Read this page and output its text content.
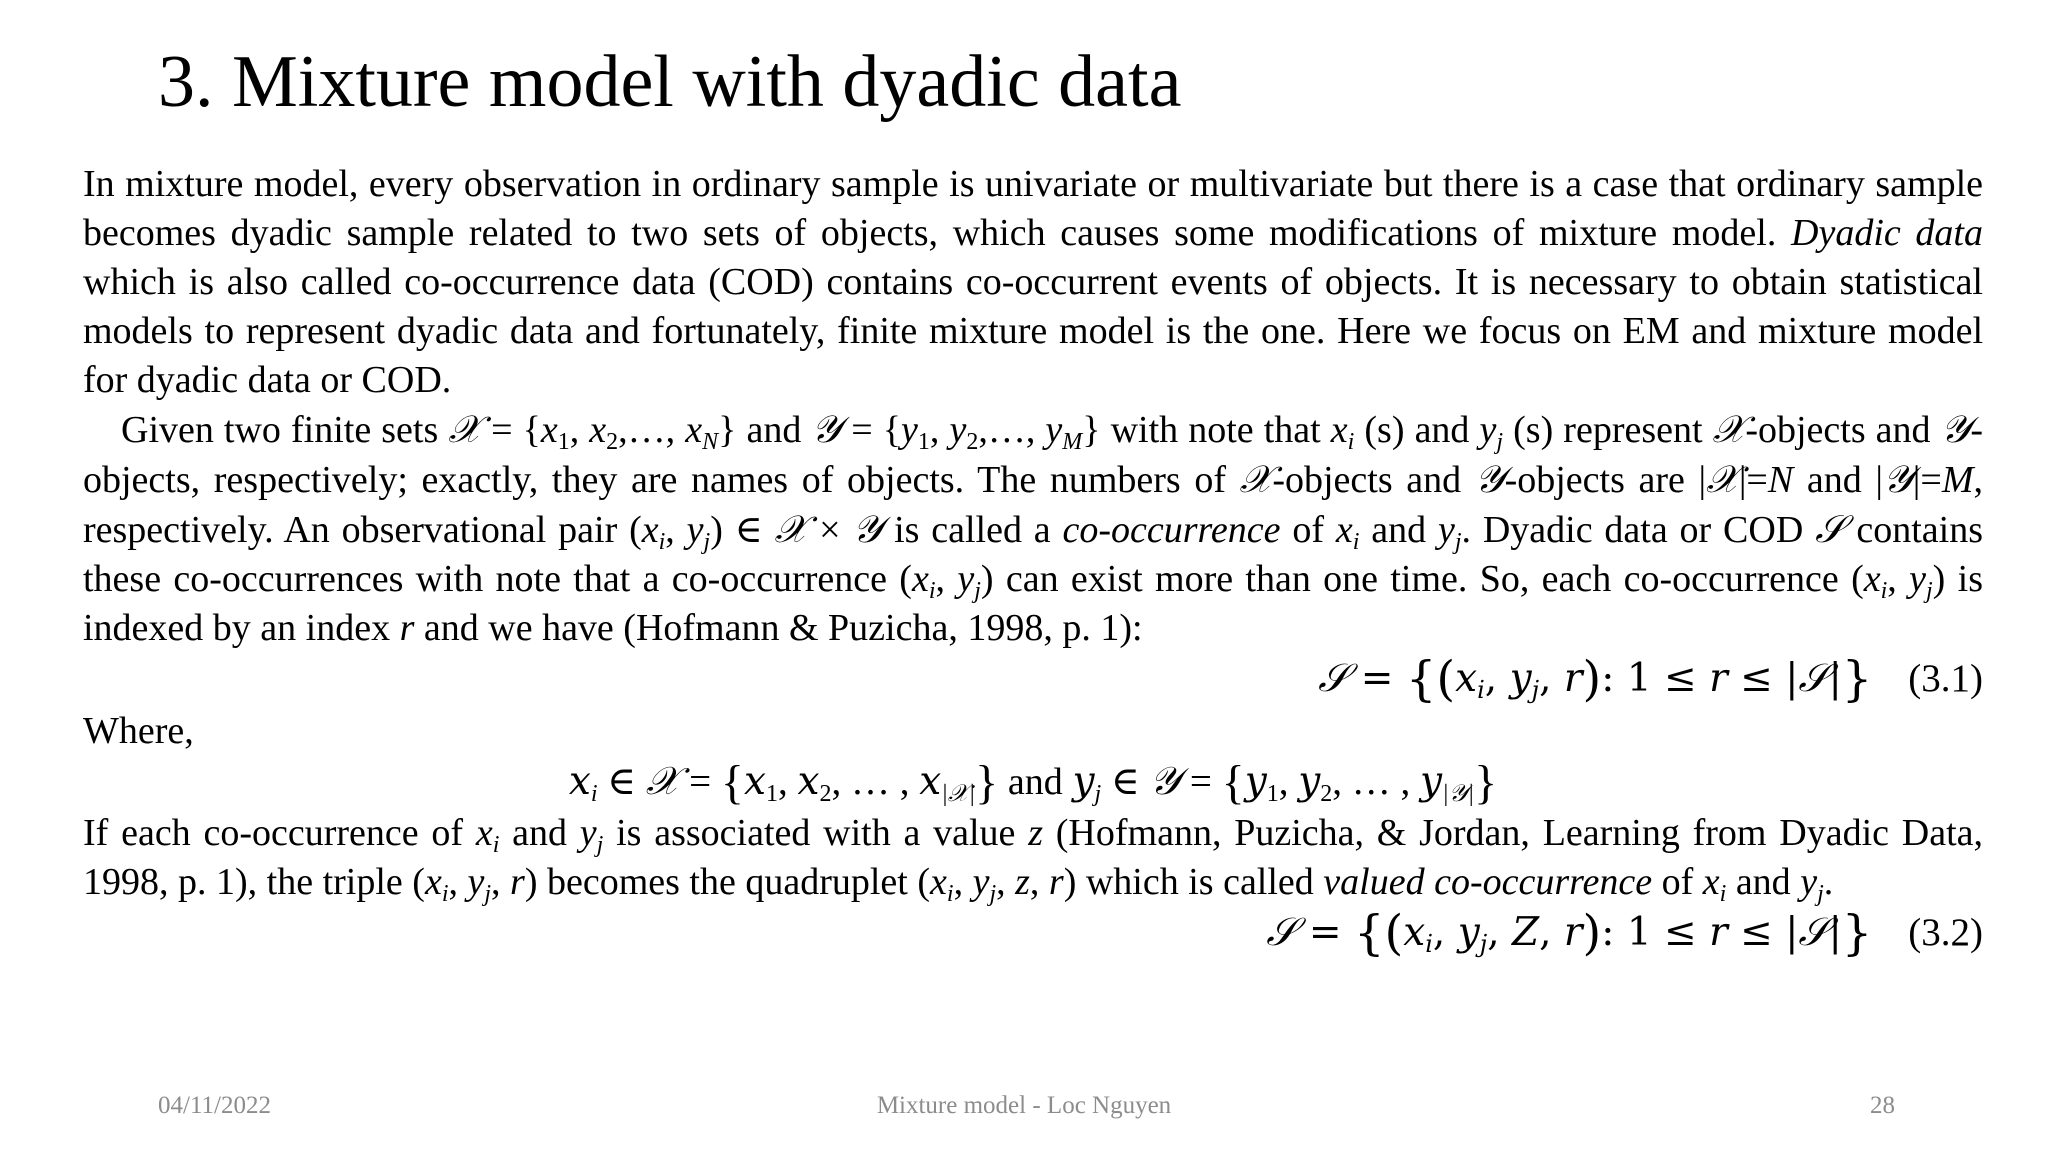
3. Mixture model with dyadic data

In mixture model, every observation in ordinary sample is univariate or multivariate but there is a case that ordinary sample becomes dyadic sample related to two sets of objects, which causes some modifications of mixture model. Dyadic data which is also called co-occurrence data (COD) contains co-occurrent events of objects. It is necessary to obtain statistical models to represent dyadic data and fortunately, finite mixture model is the one. Here we focus on EM and mixture model for dyadic data or COD.

Given two finite sets 𝒳 = {$x_1$, $x_2,\dots$, $x_N$} and 𝒴 = {$y_1$, $y_2,\dots$, $y_M$} with note that $x_i$ (s) and $y_j$ (s) represent 𝒳-objects and 𝒴-objects, respectively; exactly, they are names of objects. The numbers of 𝒳-objects and 𝒴-objects are |𝒳|=N and |𝒴|=M, respectively. An observational pair ($x_i$, $y_j$) ∈ 𝒳 × 𝒴 is called a co-occurrence of $x_i$ and $y_j$. Dyadic data or COD 𝒮 contains these co-occurrences with note that a co-occurrence ($x_i$, $y_j$) can exist more than one time. So, each co-occurrence ($x_i$, $y_j$) is indexed by an index r and we have (Hofmann & Puzicha, 1998, p. 1):

𝒮 = {($x_i$, $y_j$, r): 1 ≤ r ≤ |𝒮|} (3.1)

Where,

$x_i$ ∈ 𝒳 = {$x_1$, $x_2$, … , $x_{|𝒳|}$} and $y_j$ ∈ 𝒴 = {$y_1$, $y_2$, … , $y_{|𝒴|}$}

If each co-occurrence of $x_i$ and $y_j$ is associated with a value z (Hofmann, Puzicha, & Jordan, Learning from Dyadic Data, 1998, p. 1), the triple ($x_i$, $y_j$, r) becomes the quadruplet ($x_i$, $y_j$, z, r) which is called valued co-occurrence of $x_i$ and $y_j$.

𝒮 = {($x_i$, $y_j$, Z, r): 1 ≤ r ≤ |𝒮|} (3.2)
04/11/2022	Mixture model - Loc Nguyen	28
